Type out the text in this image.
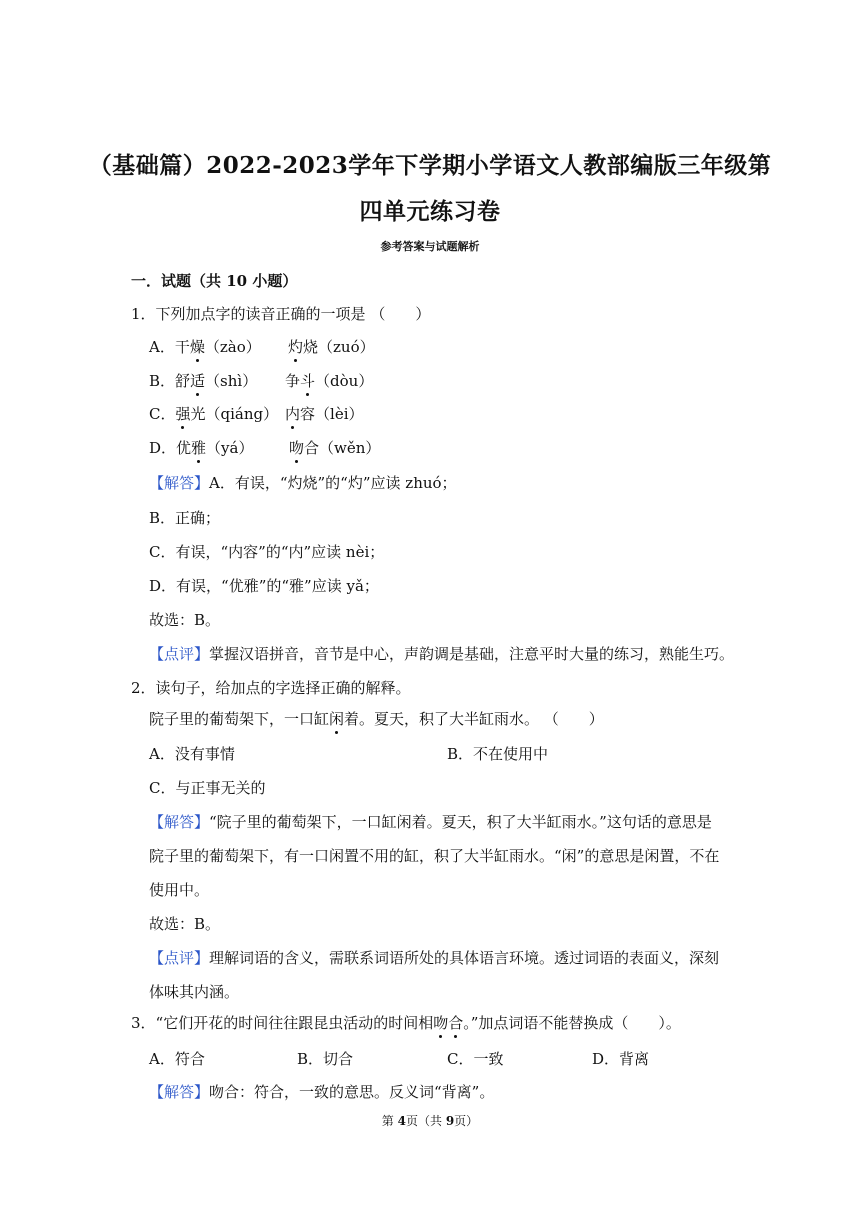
（基础篇）2022-2023学年下学期小学语文人教部编版三年级第
四单元练习卷
参考答案与试题解析
一．试题（共 10 小题）
1．下列加点字的读音正确的一项是 （　　）
A．干燥（zào） 灼烧（zuó）
B．舒适（shì） 争斗（dòu）
C．强光（qiáng） 内容（lèi）
D．优雅（yá） 吻合（wěn）
【解答】A．有误，“灼烧”的“灼”应读 zhuó；
B．正确；
C．有误，“内容”的“内”应读 nèi；
D．有误，“优雅”的“雅”应读 yǎ；
故选：B。
【点评】掌握汉语拼音，音节是中心，声韵调是基础，注意平时大量的练习，熟能生巧。
2．读句子，给加点的字选择正确的解释。
院子里的葡萄架下，一口缸闲着。夏天，积了大半缸雨水。 （　　）
A．没有事情	B．不在使用中
C．与正事无关的
【解答】“院子里的葡萄架下，一口缸闲着。夏天，积了大半缸雨水。”这句话的意思是
院子里的葡萄架下，有一口闲置不用的缸，积了大半缸雨水。“闲”的意思是闲置，不在
使用中。
故选：B。
【点评】理解词语的含义，需联系词语所处的具体语言环境。透过词语的表面义，深刻
体味其内涵。
3．“它们开花的时间往往跟昆虫活动的时间相吻合。”加点词语不能替换成（　　）。
A．符合	B．切合	C．一致	D．背离
【解答】吻合：符合，一致的意思。反义词“背离”。
第 4页（共 9页）
